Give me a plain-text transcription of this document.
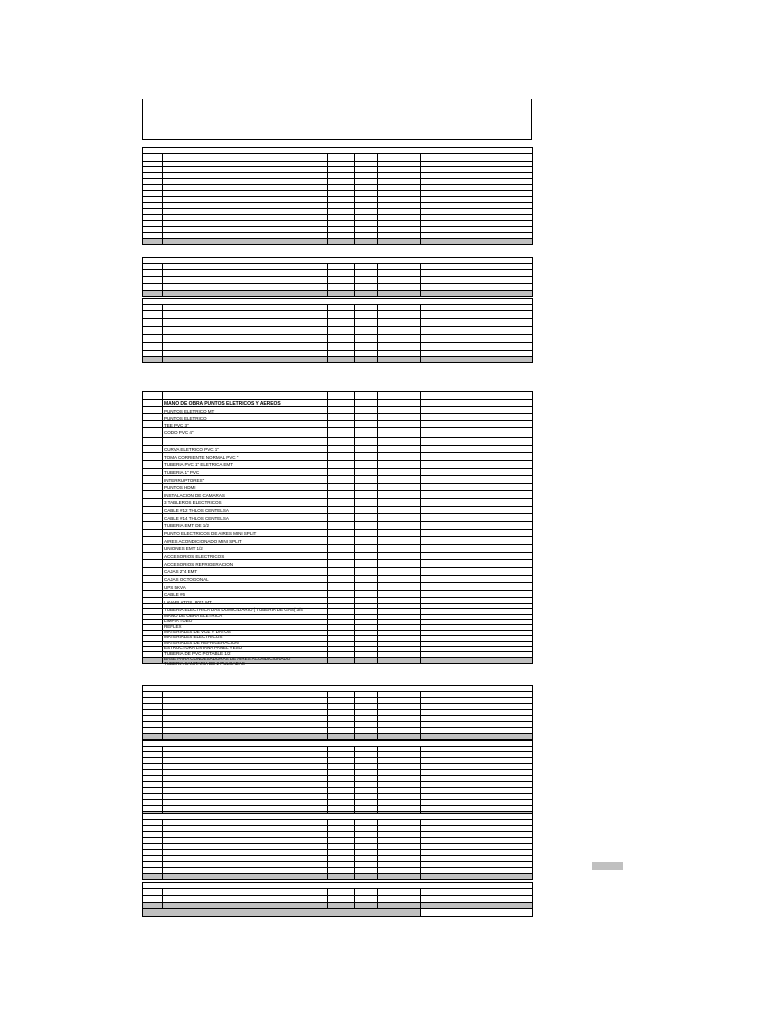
MANO DE OBRA PUNTOS ELETRICOS Y AEREOS
PUNTOS ELETRICO MT
PUNTOS ELETRICO
TEE PVC 3"
CODO PVC 4"
CURVA ELETRICO PVC 1"
TOMA CORRIENTE NORMAL PVC "
TUBERIA PVC 1" ELETRICA EMT
TUBERIA 1" PVC
INTERRUPTORES"
PUNTOS HDMI
INSTALACION DE CAMARAS
3 TABLEROS ELECTRICOS
CABLE #12 THLOS CENTELSA
CABLE #14 THLOS CENTELSA
TUBERIA EMT DE 1/2
PUNTO ELECTRICOS DE AIRES MINI SPLIT
AIRES ACONDICIONADO MINI SPLIT
UNIONES EMT 1/2
ACCESORIOS ELECTRICOS
ACCESORIOS REFRIGERACION
CAJAS 2"4 EMT
CAJAS OCTOGONAL
UPS 5KVA
CABLE #6
LAVAPLATOS .80*1 MT
TUBERIA ELECTRICA DAS DOMICILIARIO ( TUBERIA DE GAS( 3/4"
MANO DE OBRA ELETRICA
LIMPIA TUBO
REFLEX
MATERIALES DE VOZ Y DATOS
MATERIALES ELECTRICOS
MATERIALES DE REFRIGERACION
ESTRUCTURA LIVIANA PANEL YESO
TUBERIA DE PVC POTABLE 1/2
BASE PARA CONDESADORAS DE AIRES ACONDICIONADO
TUBERIA SANITARIA DE 2 PULGADAS
